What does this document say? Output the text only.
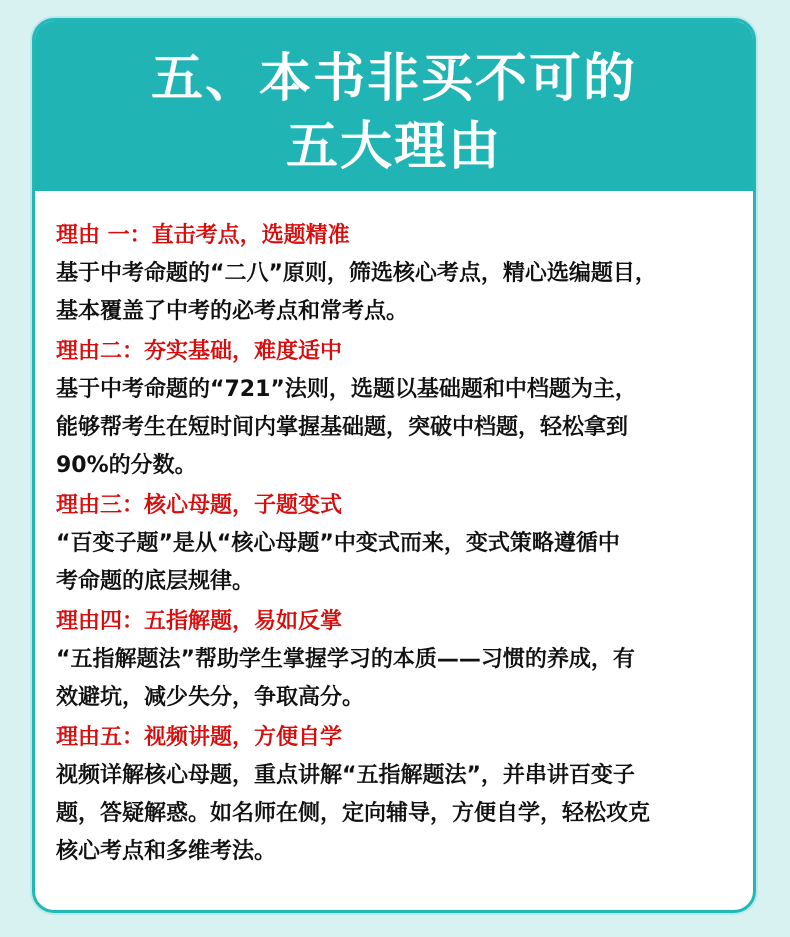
五、本书非买不可的
五大理由

理由 一：直击考点，选题精准

基于中考命题的“二八”原则，筛选核心考点，精心选编题目，
基本覆盖了中考的必考点和常考点。

理由二：夯实基础，难度适中

基于中考命题的“721”法则，选题以基础题和中档题为主，
能够帮考生在短时间内掌握基础题，突破中档题，轻松拿到
90%的分数。

理由三：核心母题，子题变式

“百变子题”是从“核心母题”中变式而来，变式策略遵循中
考命题的底层规律。

理由四：五指解题，易如反掌

“五指解题法”帮助学生掌握学习的本质——习惯的养成，有
效避坑，减少失分，争取高分。

理由五：视频讲题，方便自学

视频详解核心母题，重点讲解“五指解题法”，并串讲百变子
题，答疑解惑。如名师在侧，定向辅导，方便自学，轻松攻克
核心考点和多维考法。
